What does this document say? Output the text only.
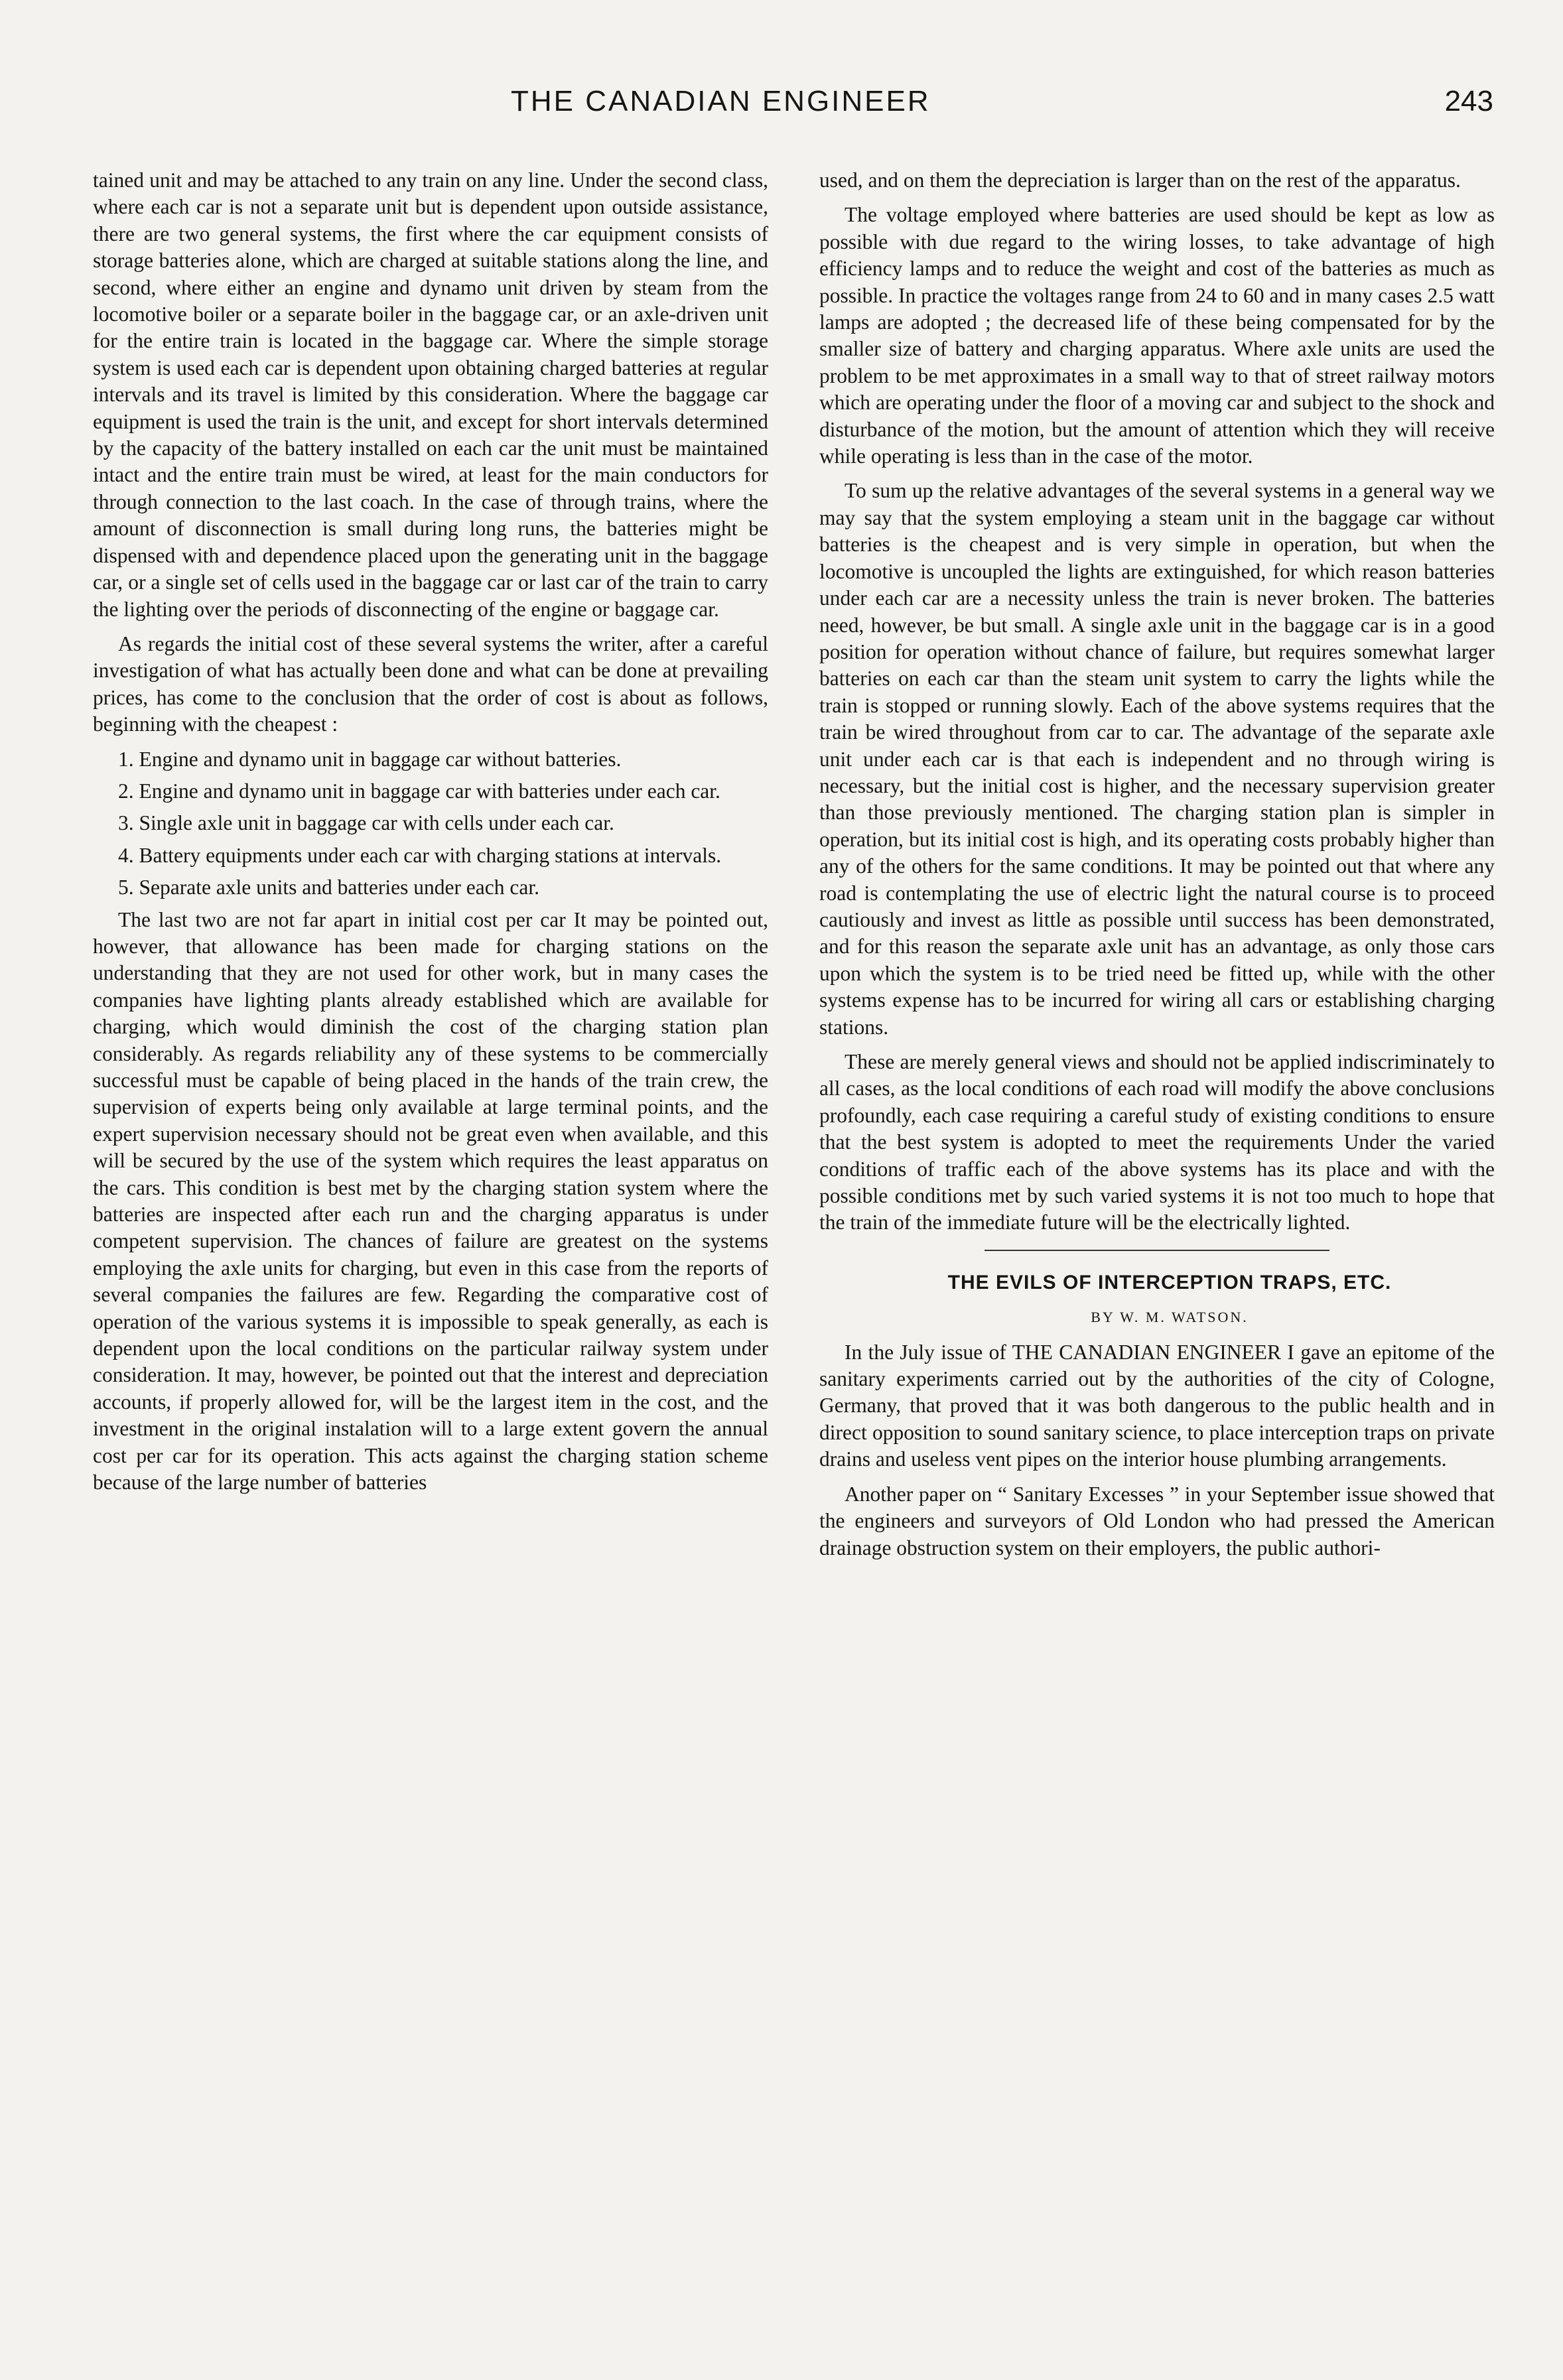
THE CANADIAN ENGINEER	243

tained unit and may be attached to any train on any line. Under the second class, where each car is not a separate unit but is dependent upon outside assistance, there are two general systems, the first where the car equipment consists of storage batteries alone, which are charged at suitable stations along the line, and second, where either an engine and dynamo unit driven by steam from the locomotive boiler or a separate boiler in the baggage car, or an axle-driven unit for the entire train is located in the baggage car. Where the simple storage system is used each car is dependent upon obtaining charged batteries at regular intervals and its travel is limited by this consideration. Where the baggage car equipment is used the train is the unit, and except for short intervals determined by the capacity of the battery installed on each car the unit must be maintained intact and the entire train must be wired, at least for the main conductors for through connection to the last coach. In the case of through trains, where the amount of disconnection is small during long runs, the batteries might be dispensed with and dependence placed upon the generating unit in the baggage car, or a single set of cells used in the baggage car or last car of the train to carry the lighting over the periods of disconnecting of the engine or baggage car.

As regards the initial cost of these several systems the writer, after a careful investigation of what has actually been done and what can be done at prevailing prices, has come to the conclusion that the order of cost is about as follows, beginning with the cheapest :

1. Engine and dynamo unit in baggage car without batteries.

2. Engine and dynamo unit in baggage car with batteries under each car.

3. Single axle unit in baggage car with cells under each car.

4. Battery equipments under each car with charging stations at intervals.

5. Separate axle units and batteries under each car.

The last two are not far apart in initial cost per car It may be pointed out, however, that allowance has been made for charging stations on the understanding that they are not used for other work, but in many cases the companies have lighting plants already established which are available for charging, which would diminish the cost of the charging station plan considerably. As regards reliability any of these systems to be commercially successful must be capable of being placed in the hands of the train crew, the supervision of experts being only available at large terminal points, and the expert supervision necessary should not be great even when available, and this will be secured by the use of the system which requires the least apparatus on the cars. This condition is best met by the charging station system where the batteries are inspected after each run and the charging apparatus is under competent supervision. The chances of failure are greatest on the systems employing the axle units for charging, but even in this case from the reports of several companies the failures are few. Regarding the comparative cost of operation of the various systems it is impossible to speak generally, as each is dependent upon the local conditions on the particular railway system under consideration. It may, however, be pointed out that the interest and depreciation accounts, if properly allowed for, will be the largest item in the cost, and the investment in the original instalation will to a large extent govern the annual cost per car for its operation. This acts against the charging station scheme because of the large number of batteries

used, and on them the depreciation is larger than on the rest of the apparatus.

The voltage employed where batteries are used should be kept as low as possible with due regard to the wiring losses, to take advantage of high efficiency lamps and to reduce the weight and cost of the batteries as much as possible. In practice the voltages range from 24 to 60 and in many cases 2.5 watt lamps are adopted ; the decreased life of these being compensated for by the smaller size of battery and charging apparatus. Where axle units are used the problem to be met approximates in a small way to that of street railway motors which are operating under the floor of a moving car and subject to the shock and disturbance of the motion, but the amount of attention which they will receive while operating is less than in the case of the motor.

To sum up the relative advantages of the several systems in a general way we may say that the system employing a steam unit in the baggage car without batteries is the cheapest and is very simple in operation, but when the locomotive is uncoupled the lights are extinguished, for which reason batteries under each car are a necessity unless the train is never broken. The batteries need, however, be but small. A single axle unit in the baggage car is in a good position for operation without chance of failure, but requires somewhat larger batteries on each car than the steam unit system to carry the lights while the train is stopped or running slowly. Each of the above systems requires that the train be wired throughout from car to car. The advantage of the separate axle unit under each car is that each is independent and no through wiring is necessary, but the initial cost is higher, and the necessary supervision greater than those previously mentioned. The charging station plan is simpler in operation, but its initial cost is high, and its operating costs probably higher than any of the others for the same conditions. It may be pointed out that where any road is contemplating the use of electric light the natural course is to proceed cautiously and invest as little as possible until success has been demonstrated, and for this reason the separate axle unit has an advantage, as only those cars upon which the system is to be tried need be fitted up, while with the other systems expense has to be incurred for wiring all cars or establishing charging stations.

These are merely general views and should not be applied indiscriminately to all cases, as the local conditions of each road will modify the above conclusions profoundly, each case requiring a careful study of existing conditions to ensure that the best system is adopted to meet the requirements Under the varied conditions of traffic each of the above systems has its place and with the possible conditions met by such varied systems it is not too much to hope that the train of the immediate future will be the electrically lighted.

THE EVILS OF INTERCEPTION TRAPS, ETC.

BY W. M. WATSON.

In the July issue of THE CANADIAN ENGINEER I gave an epitome of the sanitary experiments carried out by the authorities of the city of Cologne, Germany, that proved that it was both dangerous to the public health and in direct opposition to sound sanitary science, to place interception traps on private drains and useless vent pipes on the interior house plumbing arrangements.

Another paper on “ Sanitary Excesses ” in your September issue showed that the engineers and surveyors of Old London who had pressed the American drainage obstruction system on their employers, the public authori-
